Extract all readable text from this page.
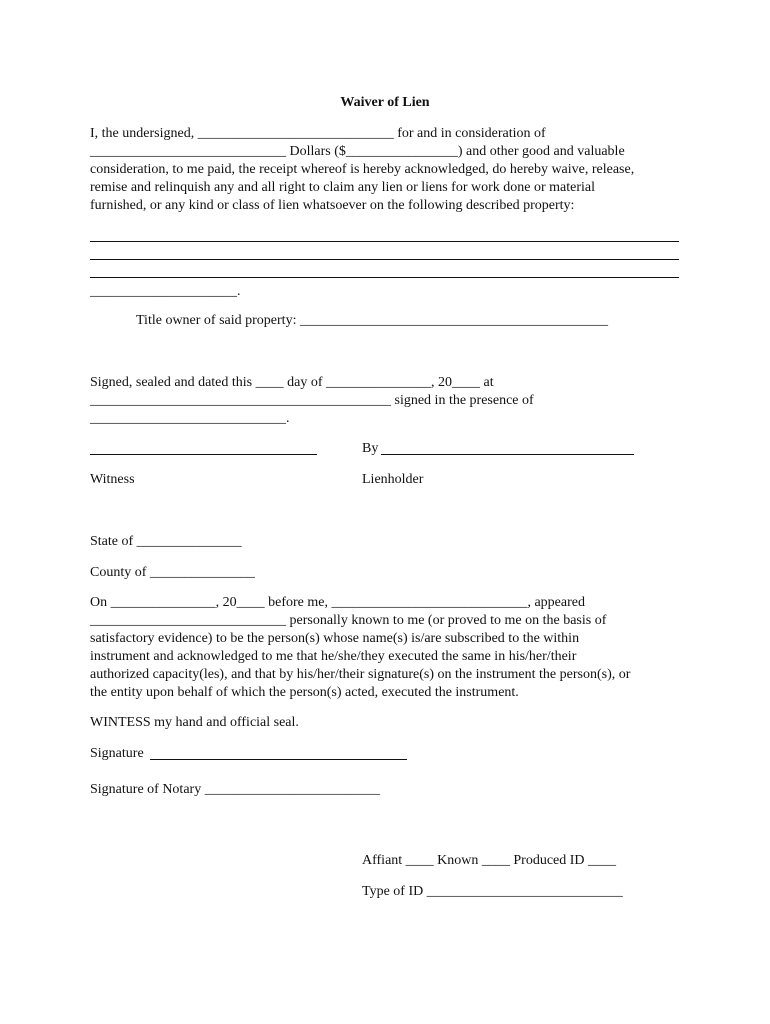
Waiver of Lien
I, the undersigned, ____________________________ for and in consideration of
____________________________ Dollars ($________________) and other good and valuable
consideration, to me paid, the receipt whereof is hereby acknowledged, do hereby waive, release,
remise and relinquish any and all right to claim any lien or liens for work done or material
furnished, or any kind or class of lien whatsoever on the following described property:
_____________________.
Title owner of said property: ____________________________________________
Signed, sealed and dated this ____ day of _______________, 20____ at
___________________________________________ signed in the presence of
____________________________.
By
Witness	Lienholder
State of _______________
County of _______________
On _______________, 20____ before me, ____________________________, appeared
____________________________ personally known to me (or proved to me on the basis of
satisfactory evidence) to be the person(s) whose name(s) is/are subscribed to the within
instrument and acknowledged to me that he/she/they executed the same in his/her/their
authorized capacity(les), and that by his/her/their signature(s) on the instrument the person(s), or
the entity upon behalf of which the person(s) acted, executed the instrument.
WINTESS my hand and official seal.
Signature
Signature of Notary _________________________
Affiant ____ Known ____ Produced ID ____
Type of ID ____________________________
